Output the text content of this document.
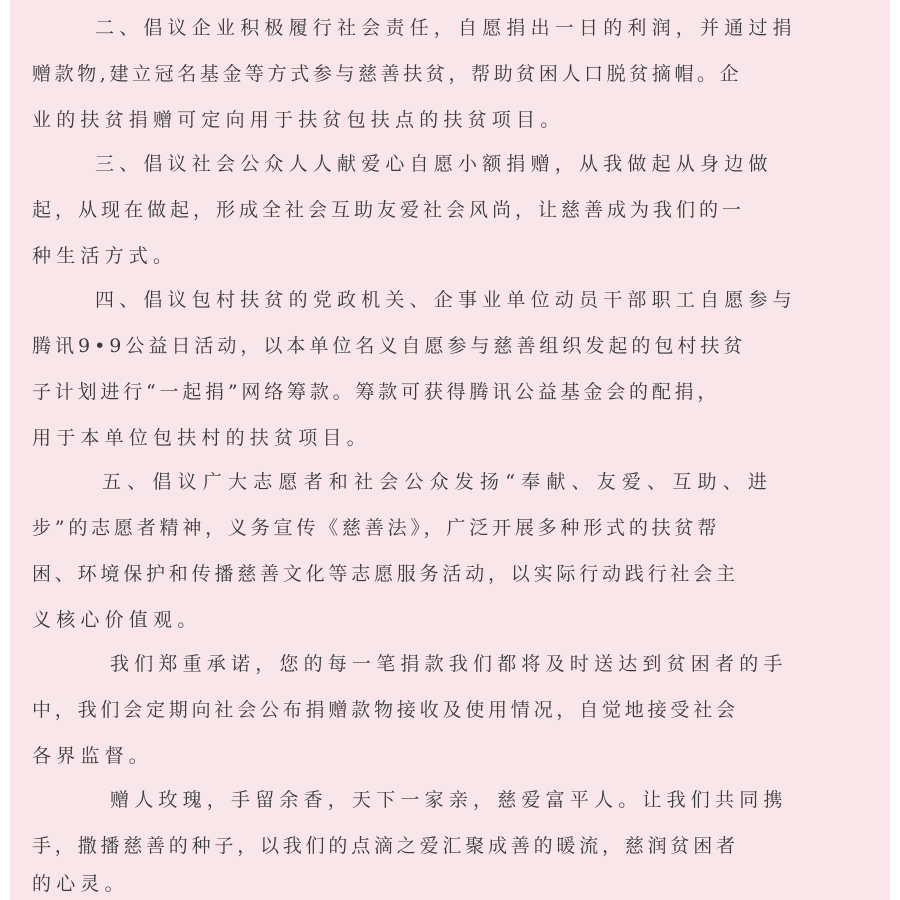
二、倡议企业积极履行社会责任，自愿捐出一日的利润，并通过捐
赠款物,建立冠名基金等方式参与慈善扶贫，帮助贫困人口脱贫摘帽。企
业的扶贫捐赠可定向用于扶贫包扶点的扶贫项目。
三、倡议社会公众人人献爱心自愿小额捐赠，从我做起从身边做
起，从现在做起，形成全社会互助友爱社会风尚，让慈善成为我们的一
种生活方式。
四、倡议包村扶贫的党政机关、企事业单位动员干部职工自愿参与
腾讯9•9公益日活动，以本单位名义自愿参与慈善组织发起的包村扶贫
子计划进行“一起捐”网络筹款。筹款可获得腾讯公益基金会的配捐，
用于本单位包扶村的扶贫项目。
五、倡议广大志愿者和社会公众发扬“奉献、友爱、互助、进
步”的志愿者精神，义务宣传《慈善法》，广泛开展多种形式的扶贫帮
困、环境保护和传播慈善文化等志愿服务活动，以实际行动践行社会主
义核心价值观。
我们郑重承诺，您的每一笔捐款我们都将及时送达到贫困者的手
中，我们会定期向社会公布捐赠款物接收及使用情况，自觉地接受社会
各界监督。
赠人玫瑰，手留余香，天下一家亲，慈爱富平人。让我们共同携
手，撒播慈善的种子，以我们的点滴之爱汇聚成善的暖流，慈润贫困者
的心灵。
